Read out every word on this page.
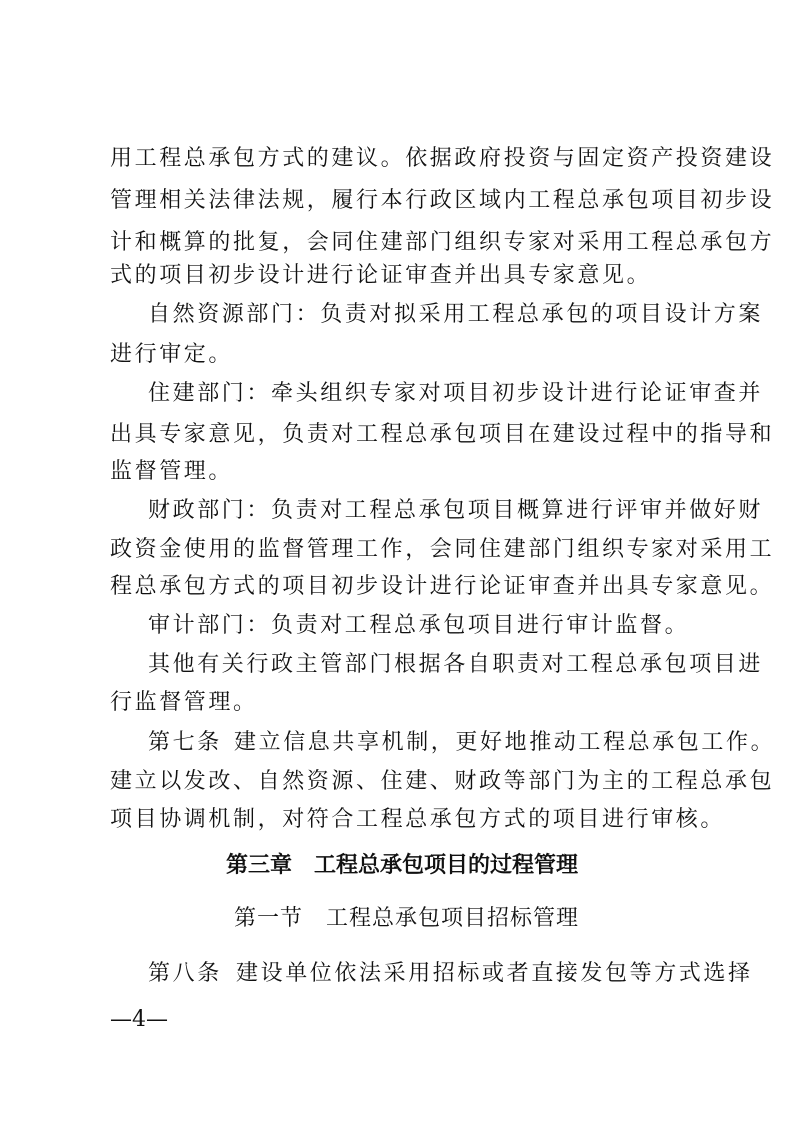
用工程总承包方式的建议。依据政府投资与固定资产投资建设
管理相关法律法规，履行本行政区域内工程总承包项目初步设
计和概算的批复，会同住建部门组织专家对采用工程总承包方
式的项目初步设计进行论证审查并出具专家意见。
自然资源部门：负责对拟采用工程总承包的项目设计方案
进行审定。
住建部门：牵头组织专家对项目初步设计进行论证审查并
出具专家意见，负责对工程总承包项目在建设过程中的指导和
监督管理。
财政部门：负责对工程总承包项目概算进行评审并做好财
政资金使用的监督管理工作，会同住建部门组织专家对采用工
程总承包方式的项目初步设计进行论证审查并出具专家意见。
审计部门：负责对工程总承包项目进行审计监督。
其他有关行政主管部门根据各自职责对工程总承包项目进
行监督管理。
第七条 建立信息共享机制，更好地推动工程总承包工作。
建立以发改、自然资源、住建、财政等部门为主的工程总承包
项目协调机制，对符合工程总承包方式的项目进行审核。
第三章　工程总承包项目的过程管理
第一节　工程总承包项目招标管理
第八条 建设单位依法采用招标或者直接发包等方式选择
—4—
